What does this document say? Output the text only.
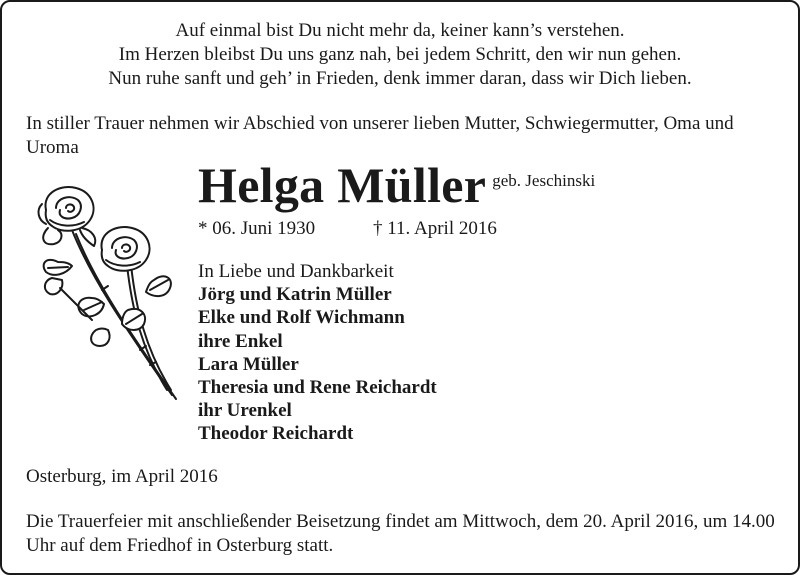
Auf einmal bist Du nicht mehr da, keiner kann’s verstehen.
Im Herzen bleibst Du uns ganz nah, bei jedem Schritt, den wir nun gehen.
Nun ruhe sanft und geh’ in Frieden, denk immer daran, dass wir Dich lieben.
In stiller Trauer nehmen wir Abschied von unserer lieben Mutter, Schwiegermutter, Oma und Uroma
Helga Müller geb. Jeschinski
* 06. Juni 1930	† 11. April 2016
In Liebe und Dankbarkeit
Jörg und Katrin Müller
Elke und Rolf Wichmann
ihre Enkel
Lara Müller
Theresia und Rene Reichardt
ihr Urenkel
Theodor Reichardt
Osterburg, im April 2016
Die Trauerfeier mit anschließender Beisetzung findet am Mittwoch, dem 20. April 2016, um 14.00 Uhr auf dem Friedhof in Osterburg statt.
